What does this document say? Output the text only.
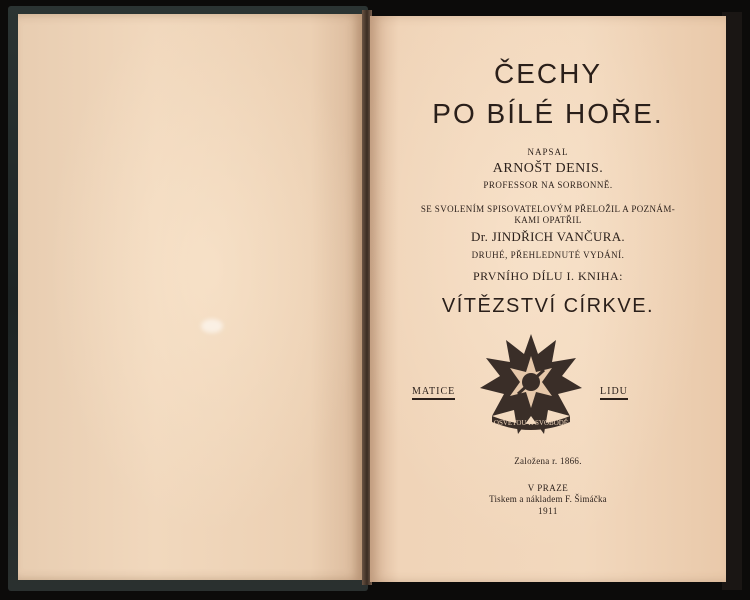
ČECHY
PO BÍLÉ HOŘE.
NAPSAL
ARNOŠT DENIS.
PROFESSOR NA SORBONNĚ.
SE SVOLENÍM SPISOVATELOVÝM PŘELOŽIL A POZNÁM-
KAMI OPATŘIL
Dr. JINDŘICH VANČURA.
DRUHÉ, PŘEHLEDNUTÉ VYDÁNÍ.
PRVNÍHO DÍLU I. KNIHA:
VÍTĚZSTVÍ CÍRKVE.
MATICE	LIDU
OSVĚTOU K SVOBODĚ
Založena r. 1866.
V PRAZE
Tiskem a nákladem F. Šimáčka
1911
